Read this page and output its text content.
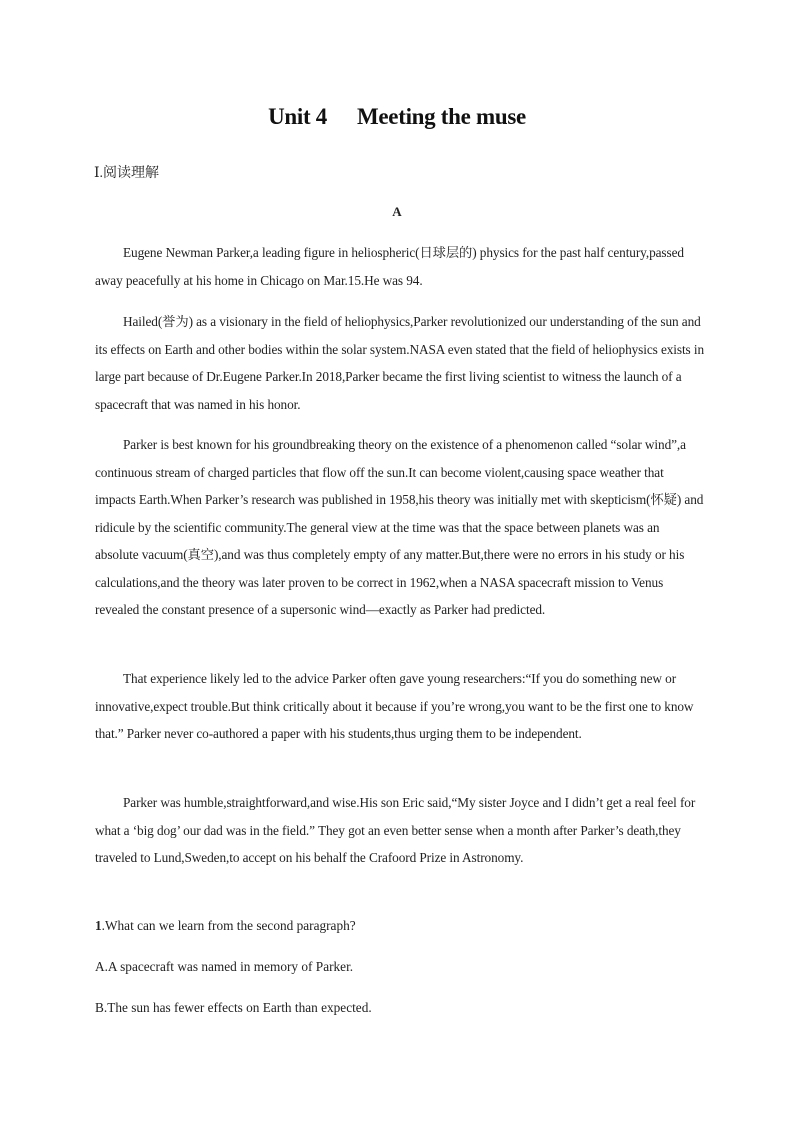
Unit 4 Meeting the muse
Ⅰ.阅读理解
A

Eugene Newman Parker,a leading figure in heliospheric(日球层的) physics for the past half century,passed away peacefully at his home in Chicago on Mar.15.He was 94.

Hailed(誉为) as a visionary in the field of heliophysics,Parker revolutionized our understanding of the sun and its effects on Earth and other bodies within the solar system.NASA even stated that the field of heliophysics exists in large part because of Dr.Eugene Parker.In 2018,Parker became the first living scientist to witness the launch of a spacecraft that was named in his honor.

Parker is best known for his groundbreaking theory on the existence of a phenomenon called “solar wind”,a continuous stream of charged particles that flow off the sun.It can become violent,causing space weather that impacts Earth.When Parker’s research was published in 1958,his theory was initially met with skepticism(怀疑) and ridicule by the scientific community.The general view at the time was that the space between planets was an absolute vacuum(真空),and was thus completely empty of any matter.But,there were no errors in his study or his calculations,and the theory was later proven to be correct in 1962,when a NASA spacecraft mission to Venus revealed the constant presence of a supersonic wind—exactly as Parker had predicted.

That experience likely led to the advice Parker often gave young researchers:“If you do something new or innovative,expect trouble.But think critically about it because if you’re wrong,you want to be the first one to know that.” Parker never co-authored a paper with his students,thus urging them to be independent.

Parker was humble,straightforward,and wise.His son Eric said,“My sister Joyce and I didn’t get a real feel for what a ‘big dog’ our dad was in the field.” They got an even better sense when a month after Parker’s death,they traveled to Lund,Sweden,to accept on his behalf the Crafoord Prize in Astronomy.

1.What can we learn from the second paragraph?

A.A spacecraft was named in memory of Parker.

B.The sun has fewer effects on Earth than expected.
